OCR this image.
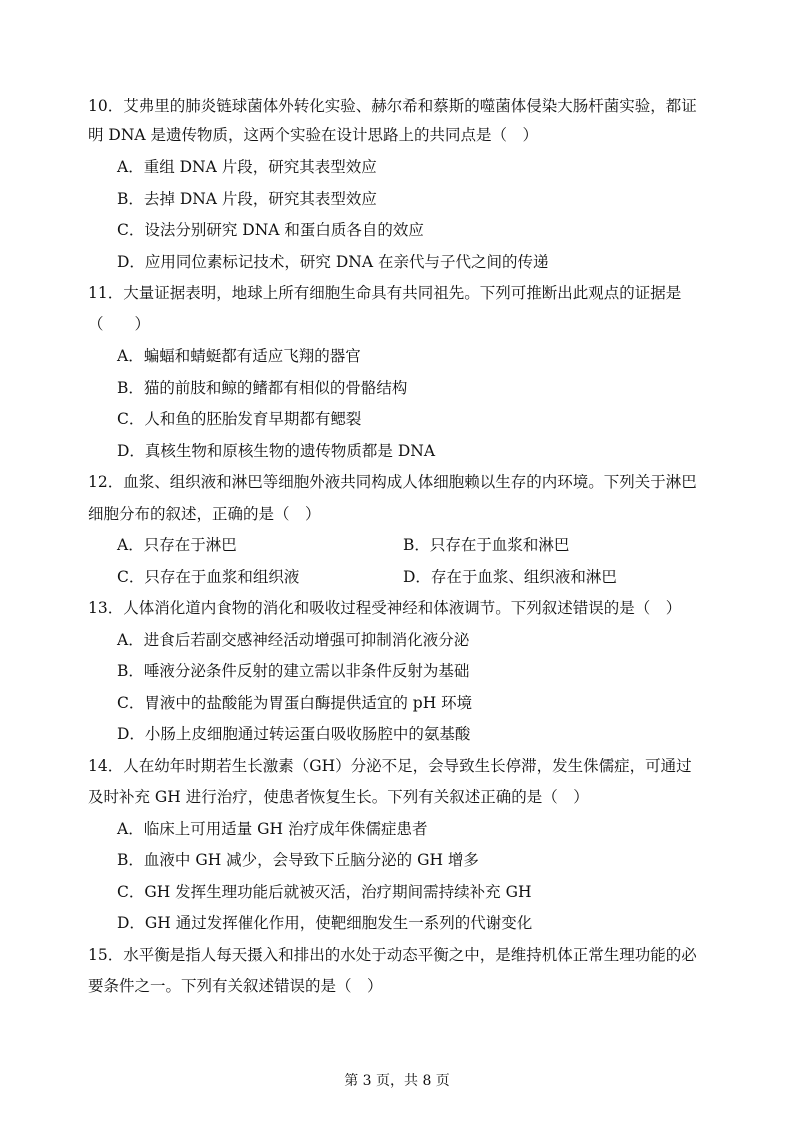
10．艾弗里的肺炎链球菌体外转化实验、赫尔希和蔡斯的噬菌体侵染大肠杆菌实验，都证
明 DNA 是遗传物质，这两个实验在设计思路上的共同点是（　）
A．重组 DNA 片段，研究其表型效应
B．去掉 DNA 片段，研究其表型效应
C．设法分别研究 DNA 和蛋白质各自的效应
D．应用同位素标记技术，研究 DNA 在亲代与子代之间的传递
11．大量证据表明，地球上所有细胞生命具有共同祖先。下列可推断出此观点的证据是
（　　）
A．蝙蝠和蜻蜓都有适应飞翔的器官
B．猫的前肢和鲸的鳍都有相似的骨骼结构
C．人和鱼的胚胎发育早期都有鳃裂
D．真核生物和原核生物的遗传物质都是 DNA
12．血浆、组织液和淋巴等细胞外液共同构成人体细胞赖以生存的内环境。下列关于淋巴
细胞分布的叙述，正确的是（　）
A．只存在于淋巴	B．只存在于血浆和淋巴
C．只存在于血浆和组织液	D．存在于血浆、组织液和淋巴
13．人体消化道内食物的消化和吸收过程受神经和体液调节。下列叙述错误的是（　）
A．进食后若副交感神经活动增强可抑制消化液分泌
B．唾液分泌条件反射的建立需以非条件反射为基础
C．胃液中的盐酸能为胃蛋白酶提供适宜的 pH 环境
D．小肠上皮细胞通过转运蛋白吸收肠腔中的氨基酸
14．人在幼年时期若生长激素（GH）分泌不足，会导致生长停滞，发生侏儒症，可通过
及时补充 GH 进行治疗，使患者恢复生长。下列有关叙述正确的是（　）
A．临床上可用适量 GH 治疗成年侏儒症患者
B．血液中 GH 减少，会导致下丘脑分泌的 GH 增多
C．GH 发挥生理功能后就被灭活，治疗期间需持续补充 GH
D．GH 通过发挥催化作用，使靶细胞发生一系列的代谢变化
15．水平衡是指人每天摄入和排出的水处于动态平衡之中，是维持机体正常生理功能的必
要条件之一。下列有关叙述错误的是（　）
第 3 页，共 8 页
